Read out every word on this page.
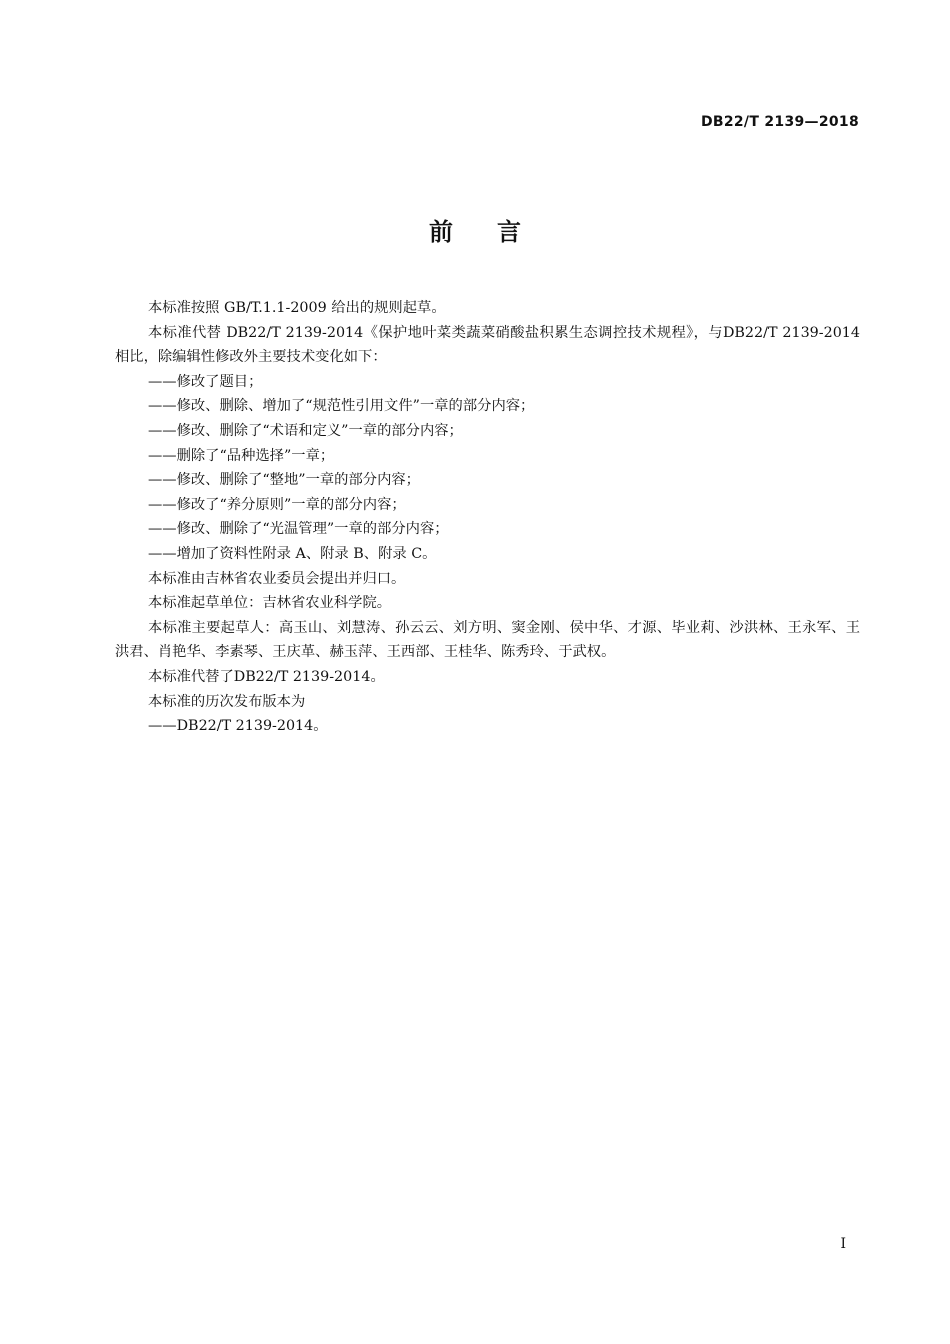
DB22/T 2139—2018
前 言

本标准按照 GB/T.1.1-2009 给出的规则起草。

本标准代替 DB22/T 2139-2014《保护地叶菜类蔬菜硝酸盐积累生态调控技术规程》，与DB22/T 2139-2014相比，除编辑性修改外主要技术变化如下：

——修改了题目；

——修改、删除、增加了“规范性引用文件”一章的部分内容；

——修改、删除了“术语和定义”一章的部分内容；

——删除了“品种选择”一章；

——修改、删除了“整地”一章的部分内容；

——修改了“养分原则”一章的部分内容；

——修改、删除了“光温管理”一章的部分内容；

——增加了资料性附录 A、附录 B、附录 C。

本标准由吉林省农业委员会提出并归口。

本标准起草单位：吉林省农业科学院。

本标准主要起草人：高玉山、刘慧涛、孙云云、刘方明、窦金刚、侯中华、才源、毕业莉、沙洪林、王永军、王洪君、肖艳华、李素琴、王庆革、赫玉萍、王西部、王桂华、陈秀玲、于武权。

本标准代替了DB22/T 2139-2014。

本标准的历次发布版本为

——DB22/T 2139-2014。

I
